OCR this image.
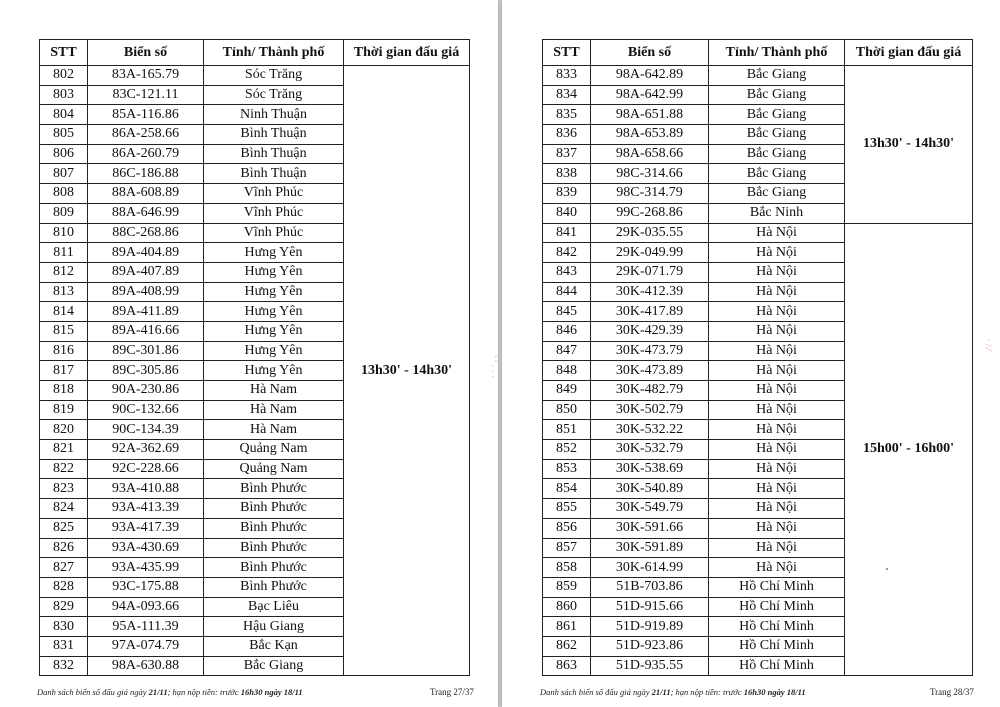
STT	Biển số	Tỉnh/ Thành phố	Thời gian đấu giá
802	83A-165.79	Sóc Trăng	13h30' - 14h30'
803	83C-121.11	Sóc Trăng	
804	85A-116.86	Ninh Thuận	
805	86A-258.66	Bình Thuận	
806	86A-260.79	Bình Thuận	
807	86C-186.88	Bình Thuận	
808	88A-608.89	Vĩnh Phúc	
809	88A-646.99	Vĩnh Phúc	
810	88C-268.86	Vĩnh Phúc	
811	89A-404.89	Hưng Yên	
812	89A-407.89	Hưng Yên	
813	89A-408.99	Hưng Yên	
814	89A-411.89	Hưng Yên	
815	89A-416.66	Hưng Yên	
816	89C-301.86	Hưng Yên	
817	89C-305.86	Hưng Yên	
818	90A-230.86	Hà Nam	
819	90C-132.66	Hà Nam	
820	90C-134.39	Hà Nam	
821	92A-362.69	Quảng Nam	
822	92C-228.66	Quảng Nam	
823	93A-410.88	Bình Phước	
824	93A-413.39	Bình Phước	
825	93A-417.39	Bình Phước	
826	93A-430.69	Bình Phước	
827	93A-435.99	Bình Phước	
828	93C-175.88	Bình Phước	
829	94A-093.66	Bạc Liêu	
830	95A-111.39	Hậu Giang	
831	97A-074.79	Bắc Kạn	
832	98A-630.88	Bắc Giang	
Danh sách biển số đấu giá ngày 21/11; hạn nộp tiền: trước 16h30 ngày 18/11	Trang 27/37
· · · , ,
STT	Biển số	Tỉnh/ Thành phố	Thời gian đấu giá
833	98A-642.89	Bắc Giang	13h30' - 14h30'
834	98A-642.99	Bắc Giang	
835	98A-651.88	Bắc Giang	
836	98A-653.89	Bắc Giang	
837	98A-658.66	Bắc Giang	
838	98C-314.66	Bắc Giang	
839	98C-314.79	Bắc Giang	
840	99C-268.86	Bắc Ninh	
841	29K-035.55	Hà Nội	15h00' - 16h00'
842	29K-049.99	Hà Nội	
843	29K-071.79	Hà Nội	
844	30K-412.39	Hà Nội	
845	30K-417.89	Hà Nội	
846	30K-429.39	Hà Nội	
847	30K-473.79	Hà Nội	
848	30K-473.89	Hà Nội	
849	30K-482.79	Hà Nội	
850	30K-502.79	Hà Nội	
851	30K-532.22	Hà Nội	
852	30K-532.79	Hà Nội	
853	30K-538.69	Hà Nội	
854	30K-540.89	Hà Nội	
855	30K-549.79	Hà Nội	
856	30K-591.66	Hà Nội	
857	30K-591.89	Hà Nội	
858	30K-614.99	Hà Nội	
859	51B-703.86	Hồ Chí Minh	
860	51D-915.66	Hồ Chí Minh	
861	51D-919.89	Hồ Chí Minh	
862	51D-923.86	Hồ Chí Minh	
863	51D-935.55	Hồ Chí Minh	
Danh sách biển số đấu giá ngày 21/11; hạn nộp tiền: trước 16h30 ngày 18/11	Trang 28/37
⁄ / ·
